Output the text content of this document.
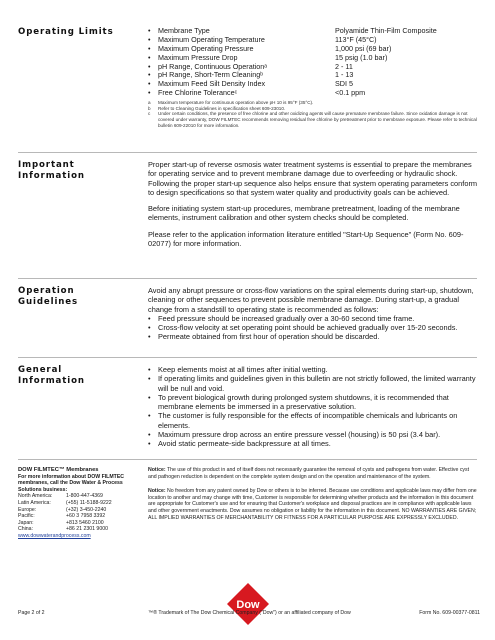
Operating Limits	• Membrane Type	Polyamide Thin-Film Composite
• Maximum Operating Temperature	113°F (45°C)
• Maximum Operating Pressure	1,000 psi (69 bar)
• Maximum Pressure Drop	15 psig (1.0 bar)
• pH Range, Continuous Operationᵃ	2 - 11
• pH Range, Short-Term Cleaningᵇ	1 - 13
• Maximum Feed Silt Density Index	SDI 5
• Free Chlorine Toleranceᶜ	<0.1 ppm
a Maximum temperature for continuous operation above pH 10 is 95°F (35°C).
b Refer to Cleaning Guidelines in specification sheet 609-23010.
c Under certain conditions, the presence of free chlorine and other oxidizing agents will cause premature membrane failure. Since oxidation damage is not covered under warranty, DOW FILMTEC recommends removing residual free chlorine by pretreatment prior to membrane exposure. Please refer to technical bulletin 609-22010 for more information.
Important Information

Proper start-up of reverse osmosis water treatment systems is essential to prepare the membranes for operating service and to prevent membrane damage due to overfeeding or hydraulic shock. Following the proper start-up sequence also helps ensure that system operating parameters conform to design specifications so that system water quality and productivity goals can be achieved.

Before initiating system start-up procedures, membrane pretreatment, loading of the membrane elements, instrument calibration and other system checks should be completed.

Please refer to the application information literature entitled "Start-Up Sequence" (Form No. 609-02077) for more information.

Operation Guidelines
Avoid any abrupt pressure or cross-flow variations on the spiral elements during start-up, shutdown, cleaning or other sequences to prevent possible membrane damage. During start-up, a gradual change from a standstill to operating state is recommended as follows:
• Feed pressure should be increased gradually over a 30-60 second time frame.
• Cross-flow velocity at set operating point should be achieved gradually over 15-20 seconds.
• Permeate obtained from first hour of operation should be discarded.
General Information
• Keep elements moist at all times after initial wetting.
• If operating limits and guidelines given in this bulletin are not strictly followed, the limited warranty will be null and void.
• To prevent biological growth during prolonged system shutdowns, it is recommended that membrane elements be immersed in a preservative solution.
• The customer is fully responsible for the effects of incompatible chemicals and lubricants on elements.
• Maximum pressure drop across an entire pressure vessel (housing) is 50 psi (3.4 bar).
• Avoid static permeate-side backpressure at all times.
DOW FILMTEC™ Membranes
For more information about DOW FILMTEC membranes, call the Dow Water & Process Solutions business:
North America:	1-800-447-4369
Latin America:	(+55) 11-5188-9222
Europe:	(+32) 3-450-2240
Pacific:	+60 3 7958 3392
Japan:	+813 5460 2100
China:	+86 21 2301 9000
www.dowwaterandprocess.com

Notice: The use of this product in and of itself does not necessarily guarantee the removal of cysts and pathogens from water. Effective cyst and pathogen reduction is dependent on the complete system design and on the operation and maintenance of the system.

Notice: No freedom from any patent owned by Dow or others is to be inferred. Because use conditions and applicable laws may differ from one location to another and may change with time, Customer is responsible for determining whether products and the information in this document are appropriate for Customer's use and for ensuring that Customer's workplace and disposal practices are in compliance with applicable laws and other government enactments. Dow assumes no obligation or liability for the information in this document. NO WARRANTIES ARE GIVEN; ALL IMPLIED WARRANTIES OF MERCHANTABILITY OR FITNESS FOR A PARTICULAR PURPOSE ARE EXPRESSLY EXCLUDED.

Dow
Page 2 of 2	™® Trademark of The Dow Chemical Company ("Dow") or an affiliated company of Dow	Form No. 609-00377-0811
